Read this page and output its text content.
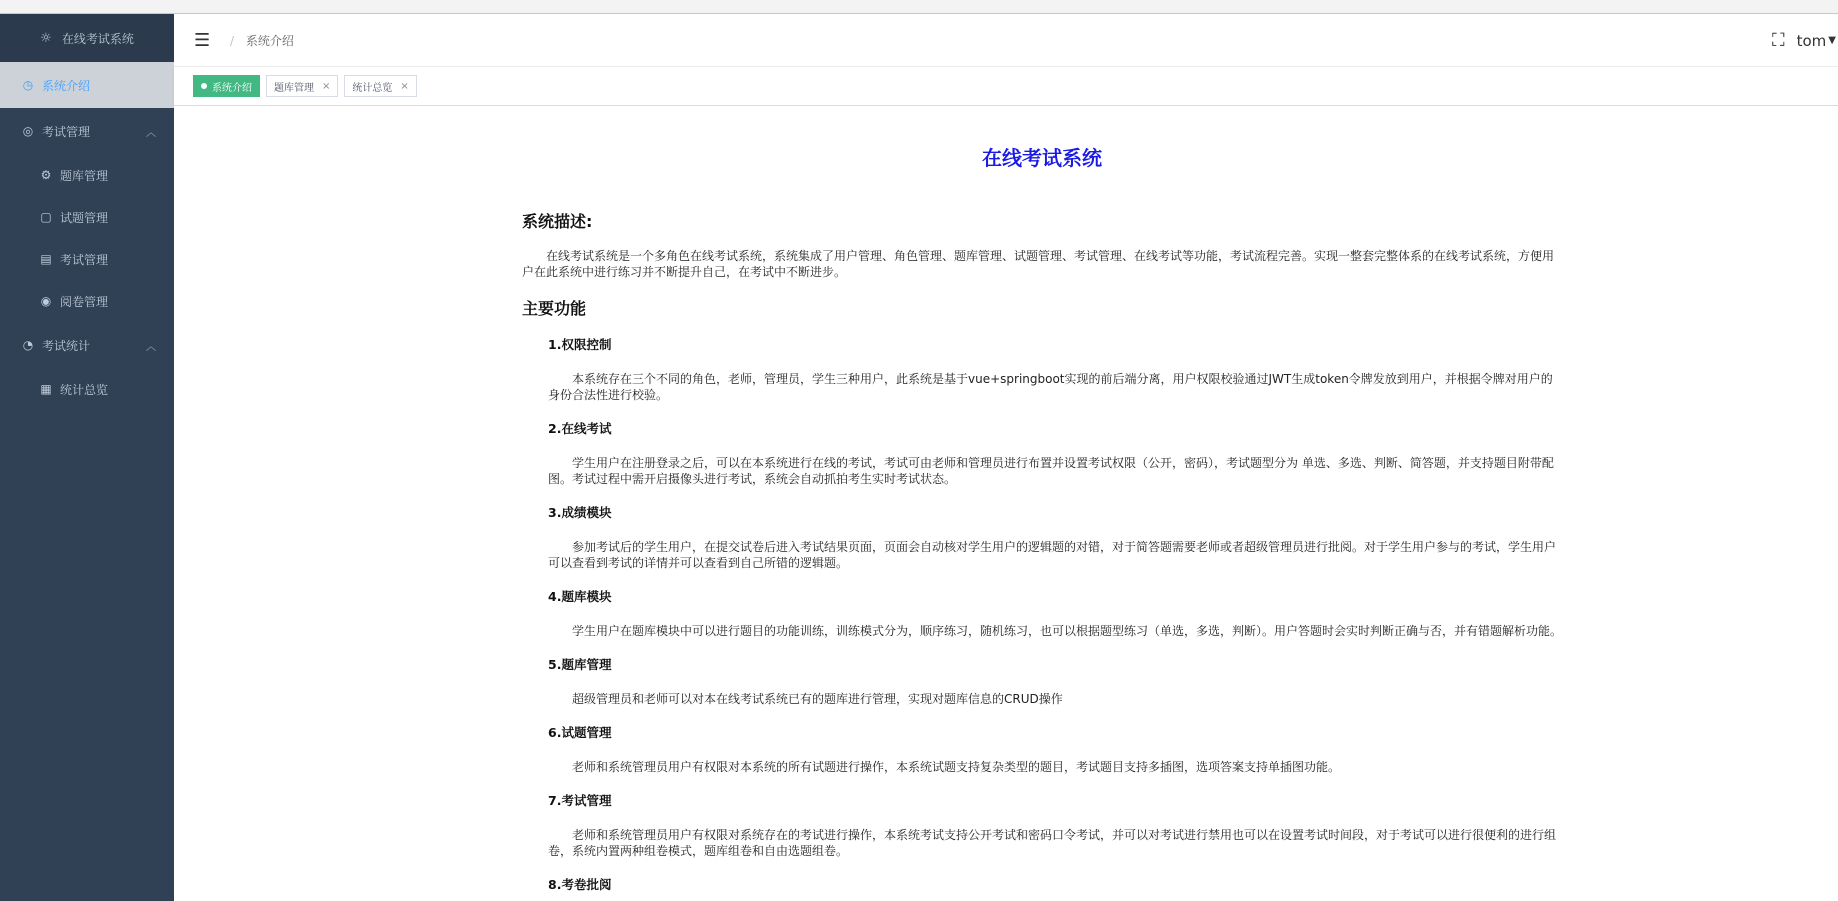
☼ 在线考试系统
◷ 系统介绍
◎ 考试管理	︿
⚙ 题库管理
▢ 试题管理
▤ 考试管理
◉ 阅卷管理
◔ 考试统计	︿
▦ 统计总览
☰	/ 系统介绍	⛶ tom ▼
系统介绍 题库管理 × 统计总览 ×
在线考试系统
系统描述:
在线考试系统是一个多角色在线考试系统，系统集成了用户管理、角色管理、题库管理、试题管理、考试管理、在线考试等功能，考试流程完善。实现一整套完整体系的在线考试系统，方便用 户在此系统中进行练习并不断提升自己，在考试中不断进步。
主要功能
1.权限控制
本系统存在三个不同的角色，老师，管理员，学生三种用户，此系统是基于vue+springboot实现的前后端分离，用户权限校验通过JWT生成token令牌发放到用户，并根据令牌对用户的身份合法性进行校验。
2.在线考试
学生用户在注册登录之后，可以在本系统进行在线的考试，考试可由老师和管理员进行布置并设置考试权限（公开，密码），考试题型分为 单选、多选、判断、简答题，并支持题目附带配图。考试过程中需开启摄像头进行考试，系统会自动抓拍考生实时考试状态。
3.成绩模块
参加考试后的学生用户，在提交试卷后进入考试结果页面，页面会自动核对学生用户的逻辑题的对错，对于简答题需要老师或者超级管理员进行批阅。对于学生用户参与的考试，学生用户可以查看到考试的详情并可以查看到自己所错的逻辑题。
4.题库模块
学生用户在题库模块中可以进行题目的功能训练，训练模式分为，顺序练习，随机练习，也可以根据题型练习（单选，多选，判断）。用户答题时会实时判断正确与否，并有错题解析功能。
5.题库管理
超级管理员和老师可以对本在线考试系统已有的题库进行管理，实现对题库信息的CRUD操作
6.试题管理
老师和系统管理员用户有权限对本系统的所有试题进行操作，本系统试题支持复杂类型的题目，考试题目支持多插图，选项答案支持单插图功能。
7.考试管理
老师和系统管理员用户有权限对系统存在的考试进行操作，本系统考试支持公开考试和密码口令考试，并可以对考试进行禁用也可以在设置考试时间段，对于考试可以进行很便利的进行组卷，系统内置两种组卷模式，题库组卷和自由选题组卷。
8.考卷批阅
